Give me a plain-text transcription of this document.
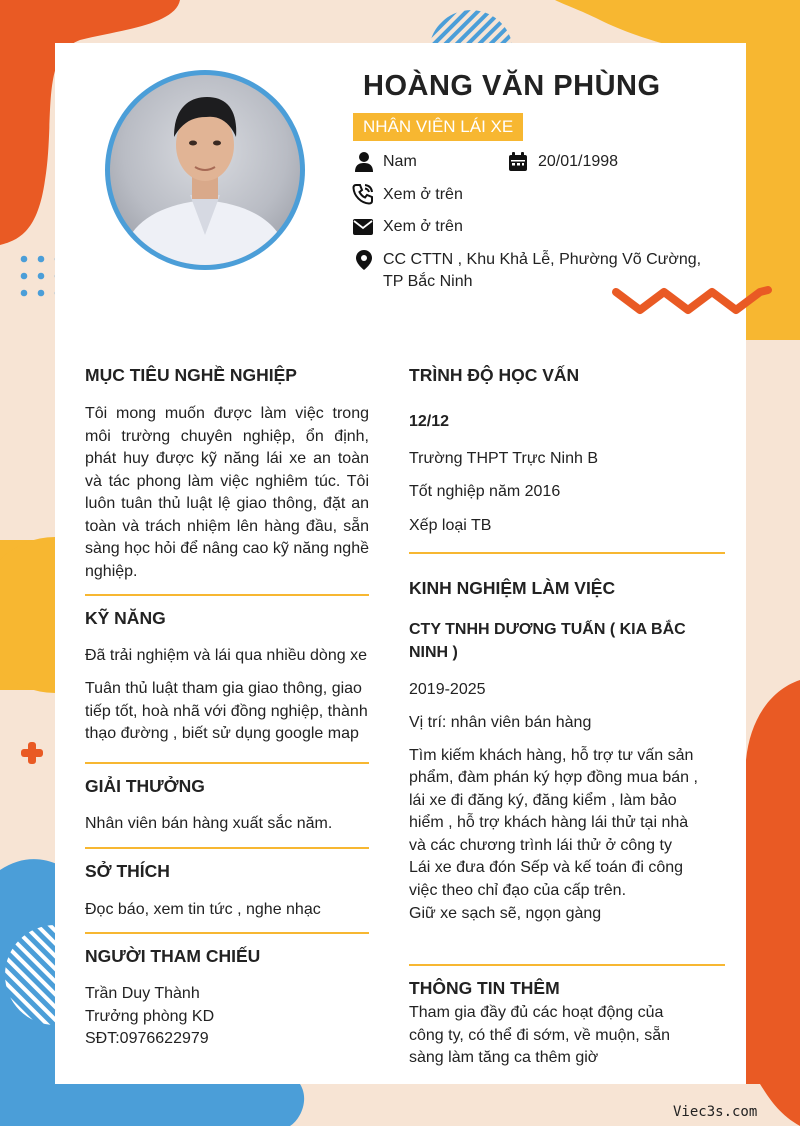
HOÀNG VĂN PHÙNG
NHÂN VIÊN LÁI XE
Nam	20/01/1998
Xem ở trên
Xem ở trên
CC CTTN , Khu Khả Lễ, Phường Võ Cường,
TP Bắc Ninh
MỤC TIÊU NGHỀ NGHIỆP
Tôi mong muốn được làm việc trong môi trường chuyên nghiệp, ổn định, phát huy được kỹ năng lái xe an toàn và tác phong làm việc nghiêm túc. Tôi luôn tuân thủ luật lệ giao thông, đặt an toàn và trách nhiệm lên hàng đầu, sẵn sàng học hỏi để nâng cao kỹ năng nghề nghiệp.
KỸ NĂNG
Đã trải nghiệm và lái qua nhiều dòng xe
Tuân thủ luật tham gia giao thông, giao
tiếp tốt, hoà nhã với đồng nghiệp, thành
thạo đường , biết sử dụng google map
GIẢI THƯỞNG
Nhân viên bán hàng xuất sắc năm.
SỞ THÍCH
Đọc báo, xem tin tức , nghe nhạc
NGƯỜI THAM CHIẾU
Trần Duy Thành
Trưởng phòng KD
SĐT:0976622979
TRÌNH ĐỘ HỌC VẤN
12/12
Trường THPT Trực Ninh B
Tốt nghiệp năm 2016
Xếp loại TB
KINH NGHIỆM LÀM VIỆC
CTY TNHH DƯƠNG TUẤN ( KIA BẮC
NINH )
2019-2025
Vị trí: nhân viên bán hàng
Tìm kiếm khách hàng, hỗ trợ tư vấn sản
phẩm, đàm phán ký hợp đồng mua bán ,
lái xe đi đăng ký, đăng kiểm , làm bảo
hiểm , hỗ trợ khách hàng lái thử tại nhà
và các chương trình lái thử ở công ty
Lái xe đưa đón Sếp và kế toán đi công
việc theo chỉ đạo của cấp trên.
Giữ xe sạch sẽ, ngọn gàng
THÔNG TIN THÊM
Tham gia đầy đủ các hoạt động của
công ty, có thể đi sớm, về muộn, sẵn
sàng làm tăng ca thêm giờ
Viec3s.com
